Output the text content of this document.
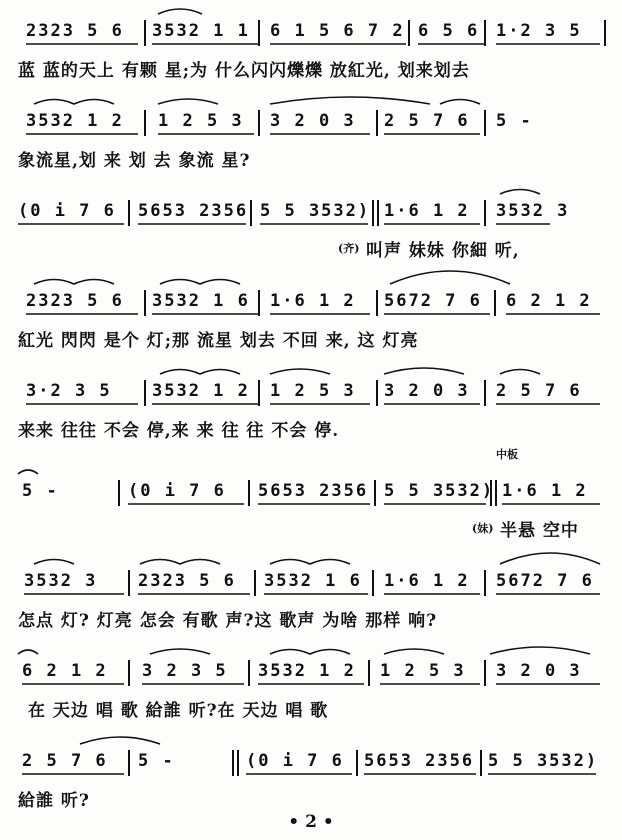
2323 5 6 3532 1 1 6 1 5 6 7 2 6 5 6 1·2 3 5
蓝 蓝的天上 有颗 星;为 什么闪闪爍爍 放紅光, 划来划去
3532 1 2 1 2 5 3 3 2 0 3 2 5 7 6 5 -
象流星,划 来 划 去 象流 星?
(0 i 7 6 5653 2356 5 5 3532) 1·6 1 2 3532 3
(齐) 叫声 妹妹 你細 听,
2323 5 6 3532 1 6 1·6 1 2 5672 7 6 6 2 1 2
紅光 閃閃 是个 灯;那 流星 划去 不回 来, 这 灯亮
3·2 3 5 3532 1 2 1 2 5 3 3 2 0 3 2 5 7 6
来来 往往 不会 停,来 来 往 往 不会 停.
中板
5 -	(0 i 7 6 5653 2356 5 5 3532) 1·6 1 2
(妹) 半悬 空中
3532 3 2323 5 6 3532 1 6 1·6 1 2 5672 7 6
怎点 灯? 灯亮 怎会 有歌 声?这 歌声 为啥 那样 响?
6 2 1 2 3 2 3 5 3532 1 2 1 2 5 3 3 2 0 3
在 天边 唱 歌 給誰 听?在 天边 唱 歌
2 5 7 6 5 -	(0 i 7 6 5653 2356 5 5 3532)
給誰 听?
• 2 •
